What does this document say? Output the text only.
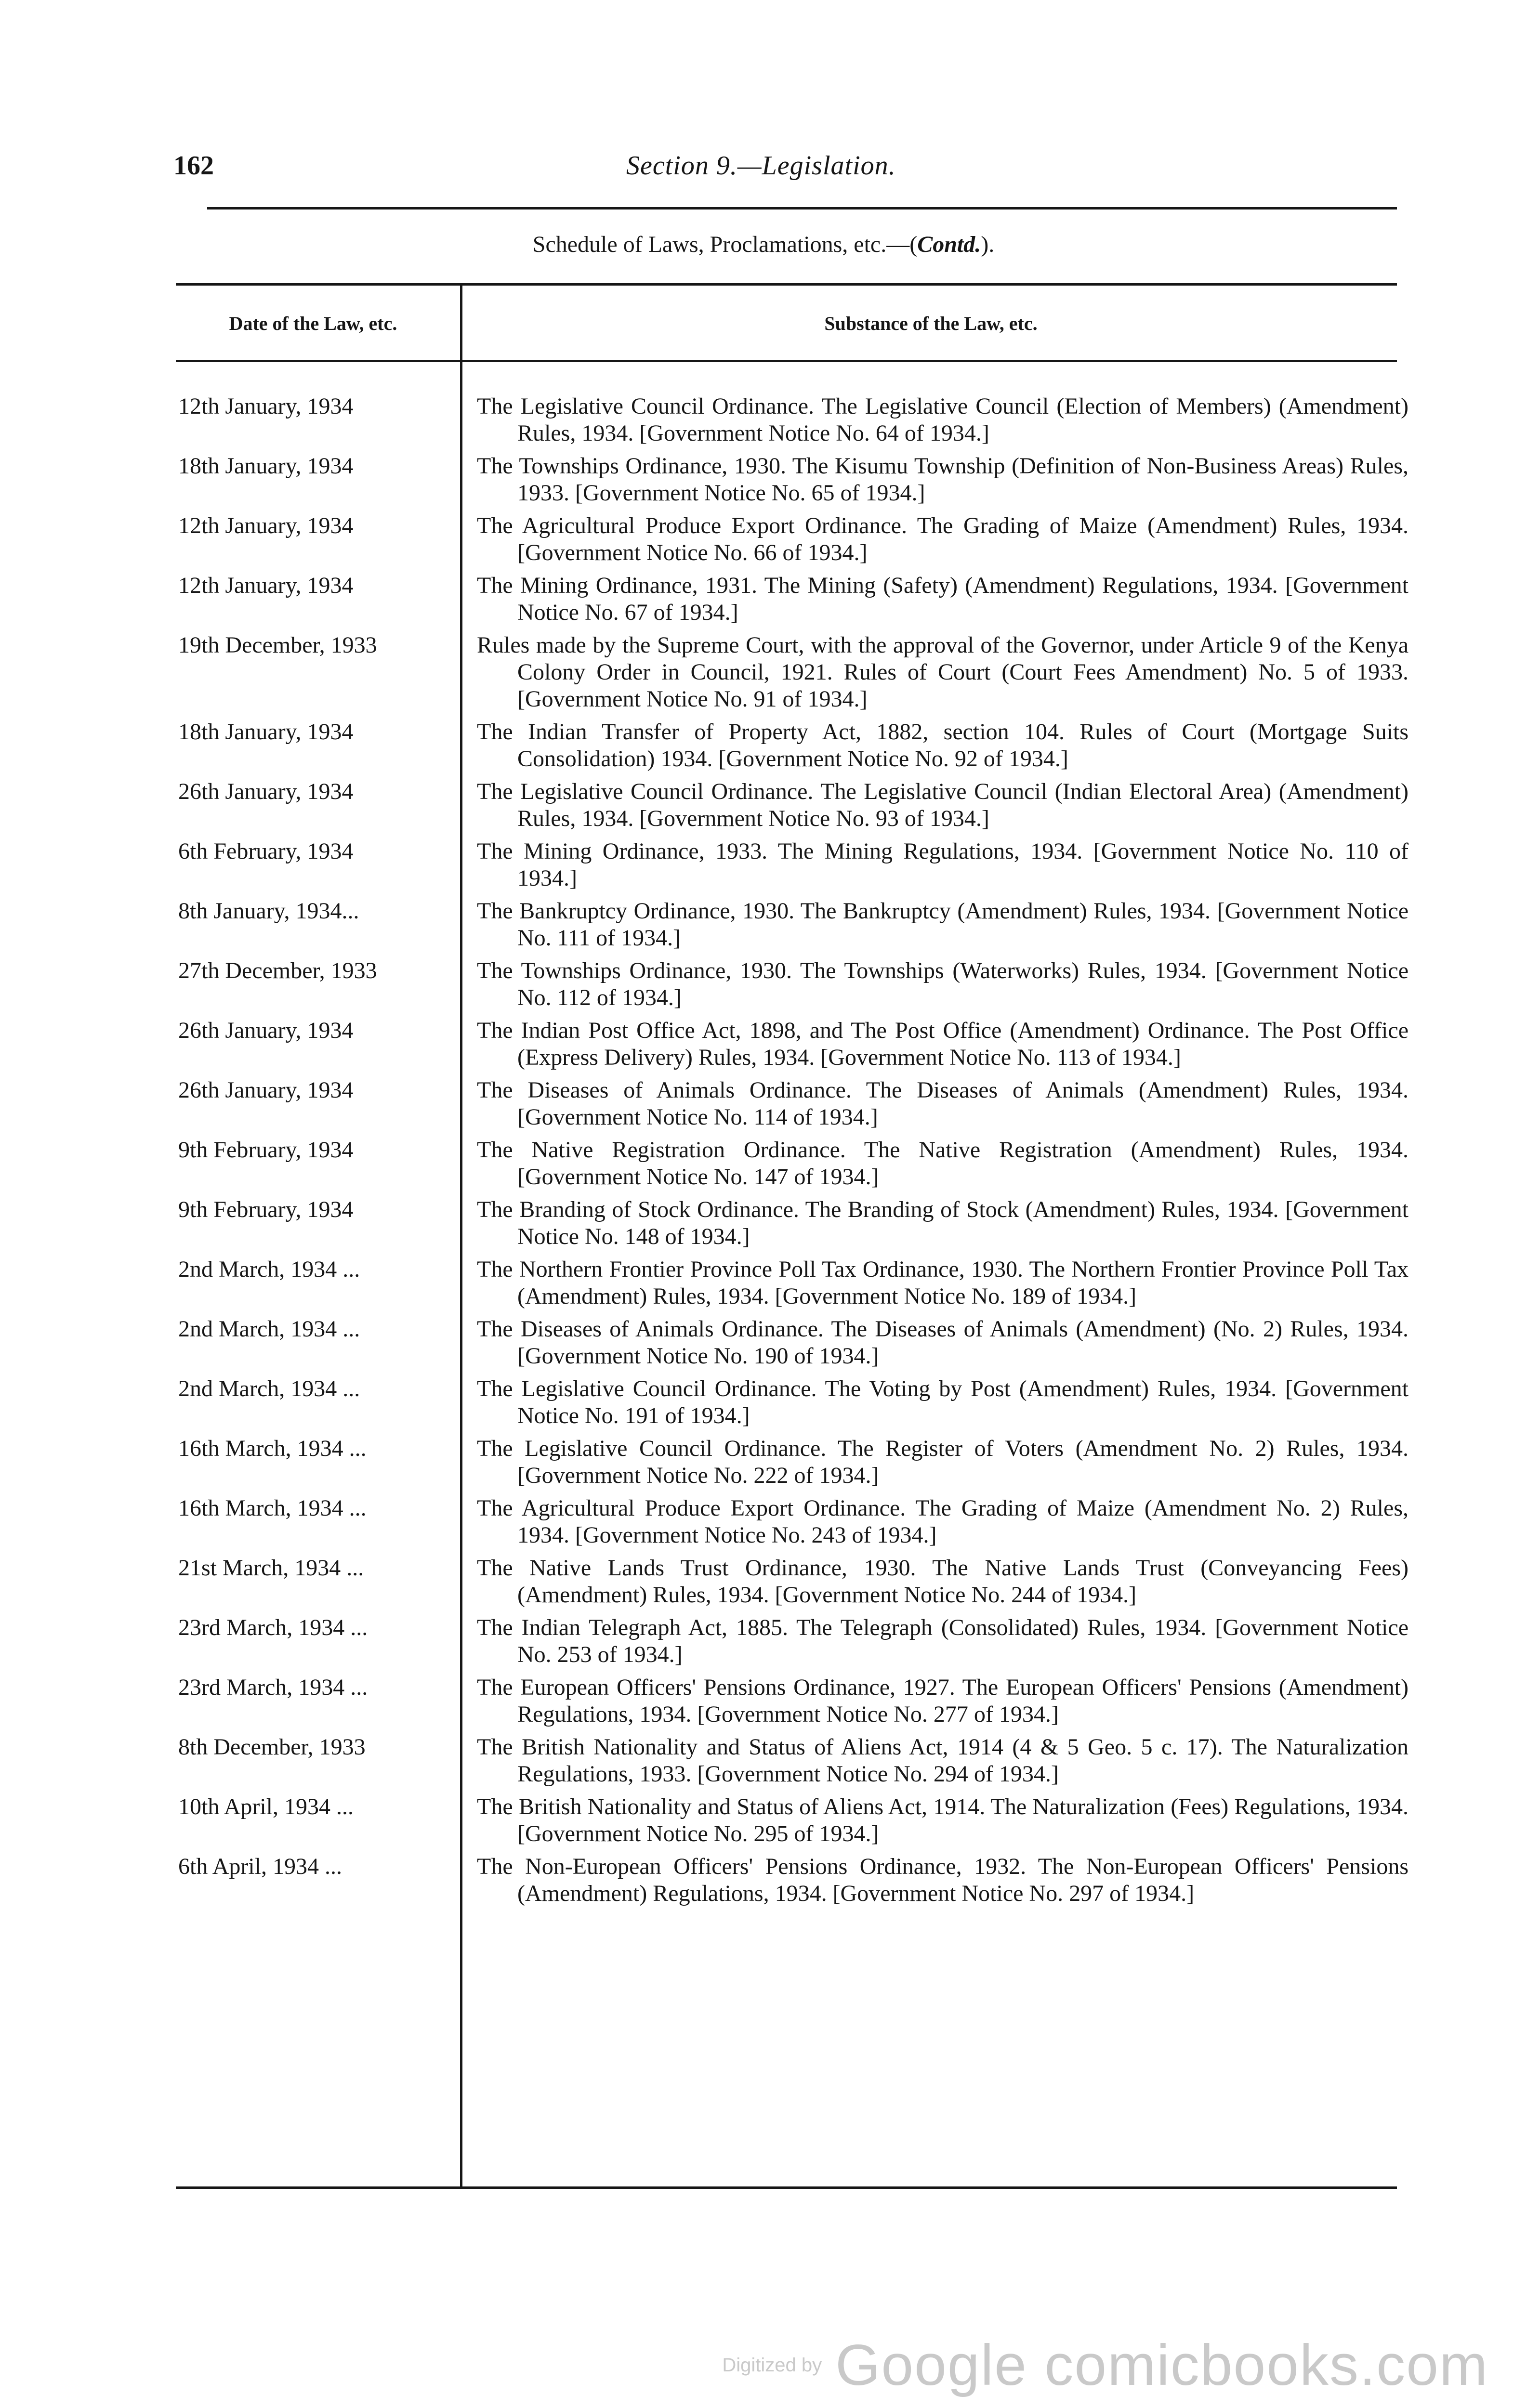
162	Section 9.—Legislation.
Schedule of Laws, Proclamations, etc.—(Contd.).
Date of the Law, etc.	Substance of the Law, etc.
12th January, 1934	The Legislative Council Ordinance. The Legislative Council (Election of Members) (Amendment) Rules, 1934. [Government Notice No. 64 of 1934.]
18th January, 1934	The Townships Ordinance, 1930. The Kisumu Township (Definition of Non-Business Areas) Rules, 1933. [Government Notice No. 65 of 1934.]
12th January, 1934	The Agricultural Produce Export Ordinance. The Grading of Maize (Amendment) Rules, 1934. [Government Notice No. 66 of 1934.]
12th January, 1934	The Mining Ordinance, 1931. The Mining (Safety) (Amendment) Regulations, 1934. [Government Notice No. 67 of 1934.]
19th December, 1933	Rules made by the Supreme Court, with the approval of the Governor, under Article 9 of the Kenya Colony Order in Council, 1921. Rules of Court (Court Fees Amendment) No. 5 of 1933. [Government Notice No. 91 of 1934.]
18th January, 1934	The Indian Transfer of Property Act, 1882, section 104. Rules of Court (Mortgage Suits Consolidation) 1934. [Government Notice No. 92 of 1934.]
26th January, 1934	The Legislative Council Ordinance. The Legislative Council (Indian Electoral Area) (Amendment) Rules, 1934. [Government Notice No. 93 of 1934.]
6th February, 1934	The Mining Ordinance, 1933. The Mining Regulations, 1934. [Government Notice No. 110 of 1934.]
8th January, 1934...	The Bankruptcy Ordinance, 1930. The Bankruptcy (Amendment) Rules, 1934. [Government Notice No. 111 of 1934.]
27th December, 1933	The Townships Ordinance, 1930. The Townships (Waterworks) Rules, 1934. [Government Notice No. 112 of 1934.]
26th January, 1934	The Indian Post Office Act, 1898, and The Post Office (Amendment) Ordinance. The Post Office (Express Delivery) Rules, 1934. [Government Notice No. 113 of 1934.]
26th January, 1934	The Diseases of Animals Ordinance. The Diseases of Animals (Amendment) Rules, 1934. [Government Notice No. 114 of 1934.]
9th February, 1934	The Native Registration Ordinance. The Native Registration (Amendment) Rules, 1934. [Government Notice No. 147 of 1934.]
9th February, 1934	The Branding of Stock Ordinance. The Branding of Stock (Amendment) Rules, 1934. [Government Notice No. 148 of 1934.]
2nd March, 1934 ...	The Northern Frontier Province Poll Tax Ordinance, 1930. The Northern Frontier Province Poll Tax (Amendment) Rules, 1934. [Government Notice No. 189 of 1934.]
2nd March, 1934 ...	The Diseases of Animals Ordinance. The Diseases of Animals (Amendment) (No. 2) Rules, 1934. [Government Notice No. 190 of 1934.]
2nd March, 1934 ...	The Legislative Council Ordinance. The Voting by Post (Amendment) Rules, 1934. [Government Notice No. 191 of 1934.]
16th March, 1934 ...	The Legislative Council Ordinance. The Register of Voters (Amendment No. 2) Rules, 1934. [Government Notice No. 222 of 1934.]
16th March, 1934 ...	The Agricultural Produce Export Ordinance. The Grading of Maize (Amendment No. 2) Rules, 1934. [Government Notice No. 243 of 1934.]
21st March, 1934 ...	The Native Lands Trust Ordinance, 1930. The Native Lands Trust (Conveyancing Fees) (Amendment) Rules, 1934. [Government Notice No. 244 of 1934.]
23rd March, 1934 ...	The Indian Telegraph Act, 1885. The Telegraph (Consolidated) Rules, 1934. [Government Notice No. 253 of 1934.]
23rd March, 1934 ...	The European Officers' Pensions Ordinance, 1927. The European Officers' Pensions (Amendment) Regulations, 1934. [Government Notice No. 277 of 1934.]
8th December, 1933	The British Nationality and Status of Aliens Act, 1914 (4 & 5 Geo. 5 c. 17). The Naturalization Regulations, 1933. [Government Notice No. 294 of 1934.]
10th April, 1934 ...	The British Nationality and Status of Aliens Act, 1914. The Naturalization (Fees) Regulations, 1934. [Government Notice No. 295 of 1934.]
6th April, 1934 ...	The Non-European Officers' Pensions Ordinance, 1932. The Non-European Officers' Pensions (Amendment) Regulations, 1934. [Government Notice No. 297 of 1934.]
Digitized by Google comicbooks.com
